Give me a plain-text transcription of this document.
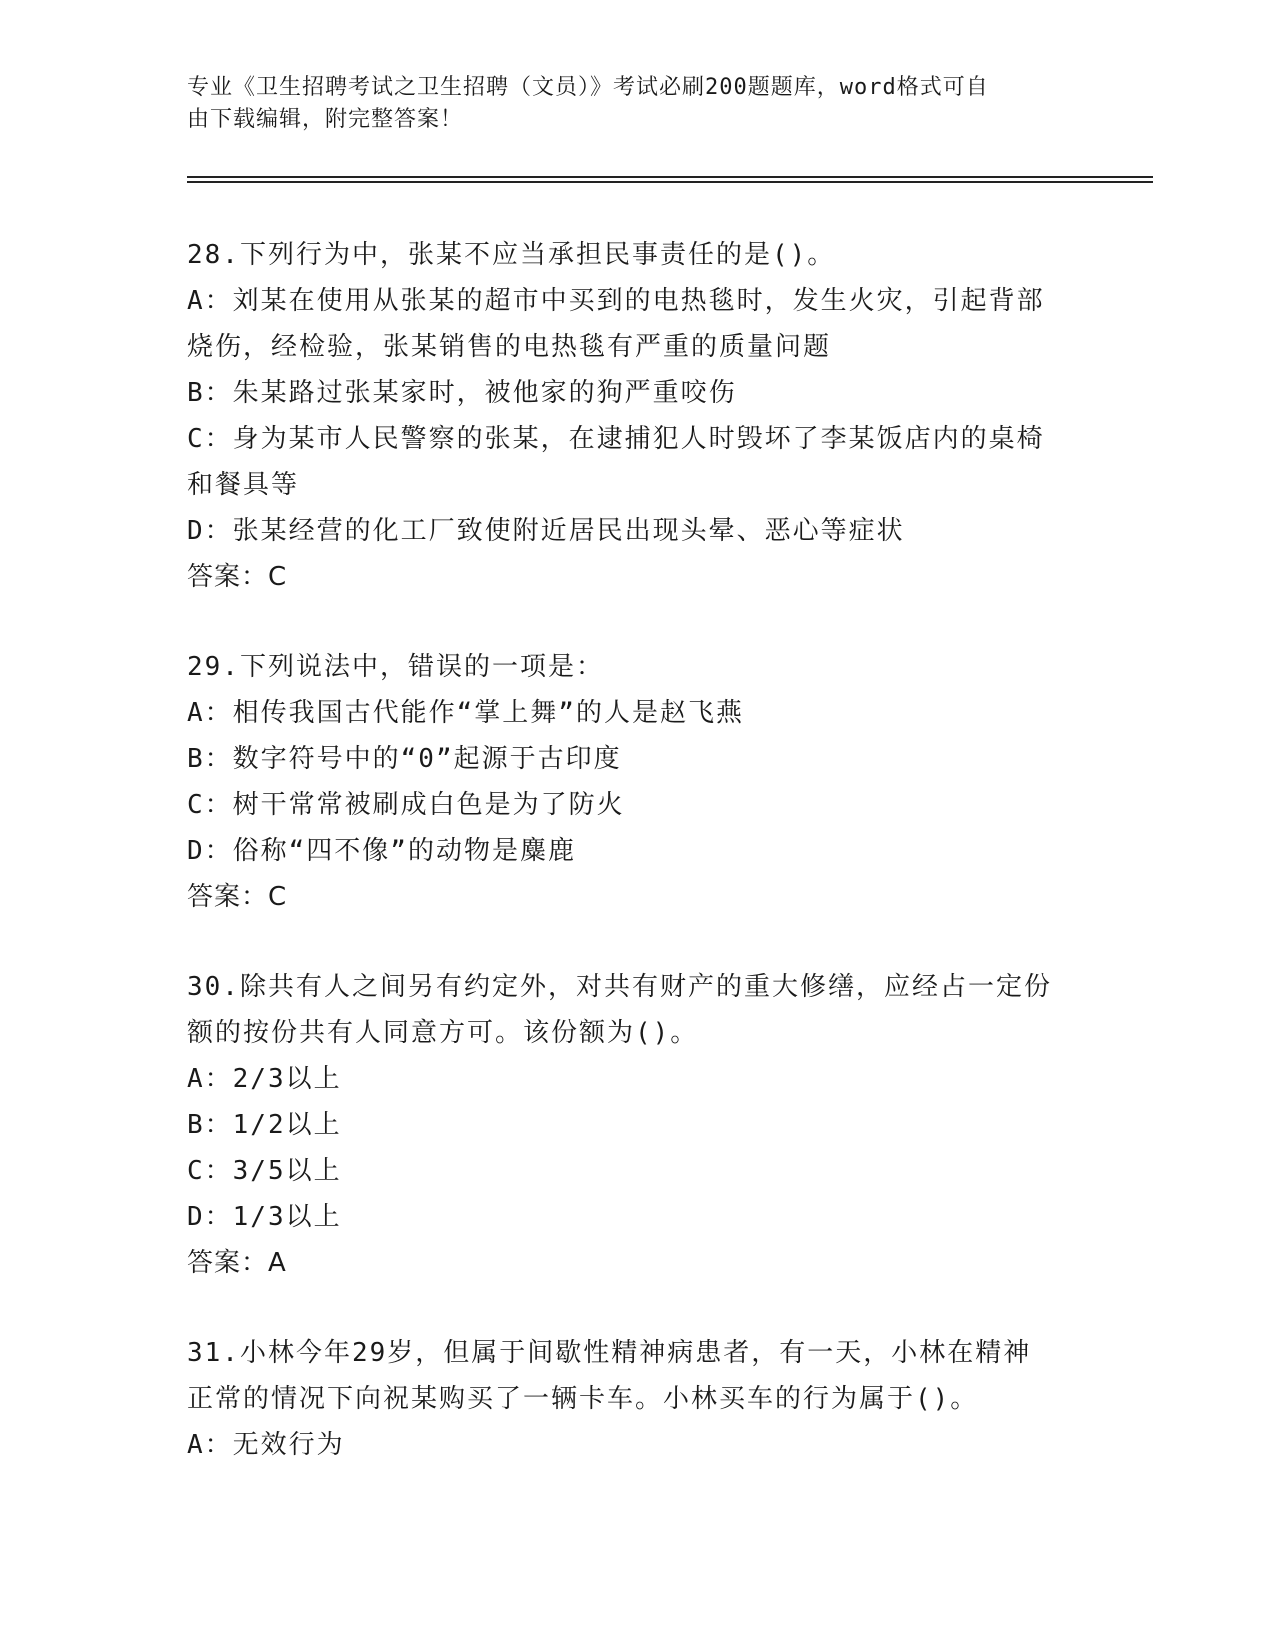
专业《卫生招聘考试之卫生招聘（文员）》考试必刷200题题库，word格式可自
由下载编辑，附完整答案！
28.下列行为中，张某不应当承担民事责任的是()。
A：刘某在使用从张某的超市中买到的电热毯时，发生火灾，引起背部
烧伤，经检验，张某销售的电热毯有严重的质量问题
B：朱某路过张某家时，被他家的狗严重咬伤
C：身为某市人民警察的张某，在逮捕犯人时毁坏了李某饭店内的桌椅
和餐具等
D：张某经营的化工厂致使附近居民出现头晕、恶心等症状
答案：C
29.下列说法中，错误的一项是：
A：相传我国古代能作“掌上舞”的人是赵飞燕
B：数字符号中的“0”起源于古印度
C：树干常常被刷成白色是为了防火
D：俗称“四不像”的动物是麋鹿
答案：C
30.除共有人之间另有约定外，对共有财产的重大修缮，应经占一定份
额的按份共有人同意方可。该份额为()。
A：2/3以上
B：1/2以上
C：3/5以上
D：1/3以上
答案：A
31.小林今年29岁，但属于间歇性精神病患者，有一天，小林在精神
正常的情况下向祝某购买了一辆卡车。小林买车的行为属于()。
A：无效行为
